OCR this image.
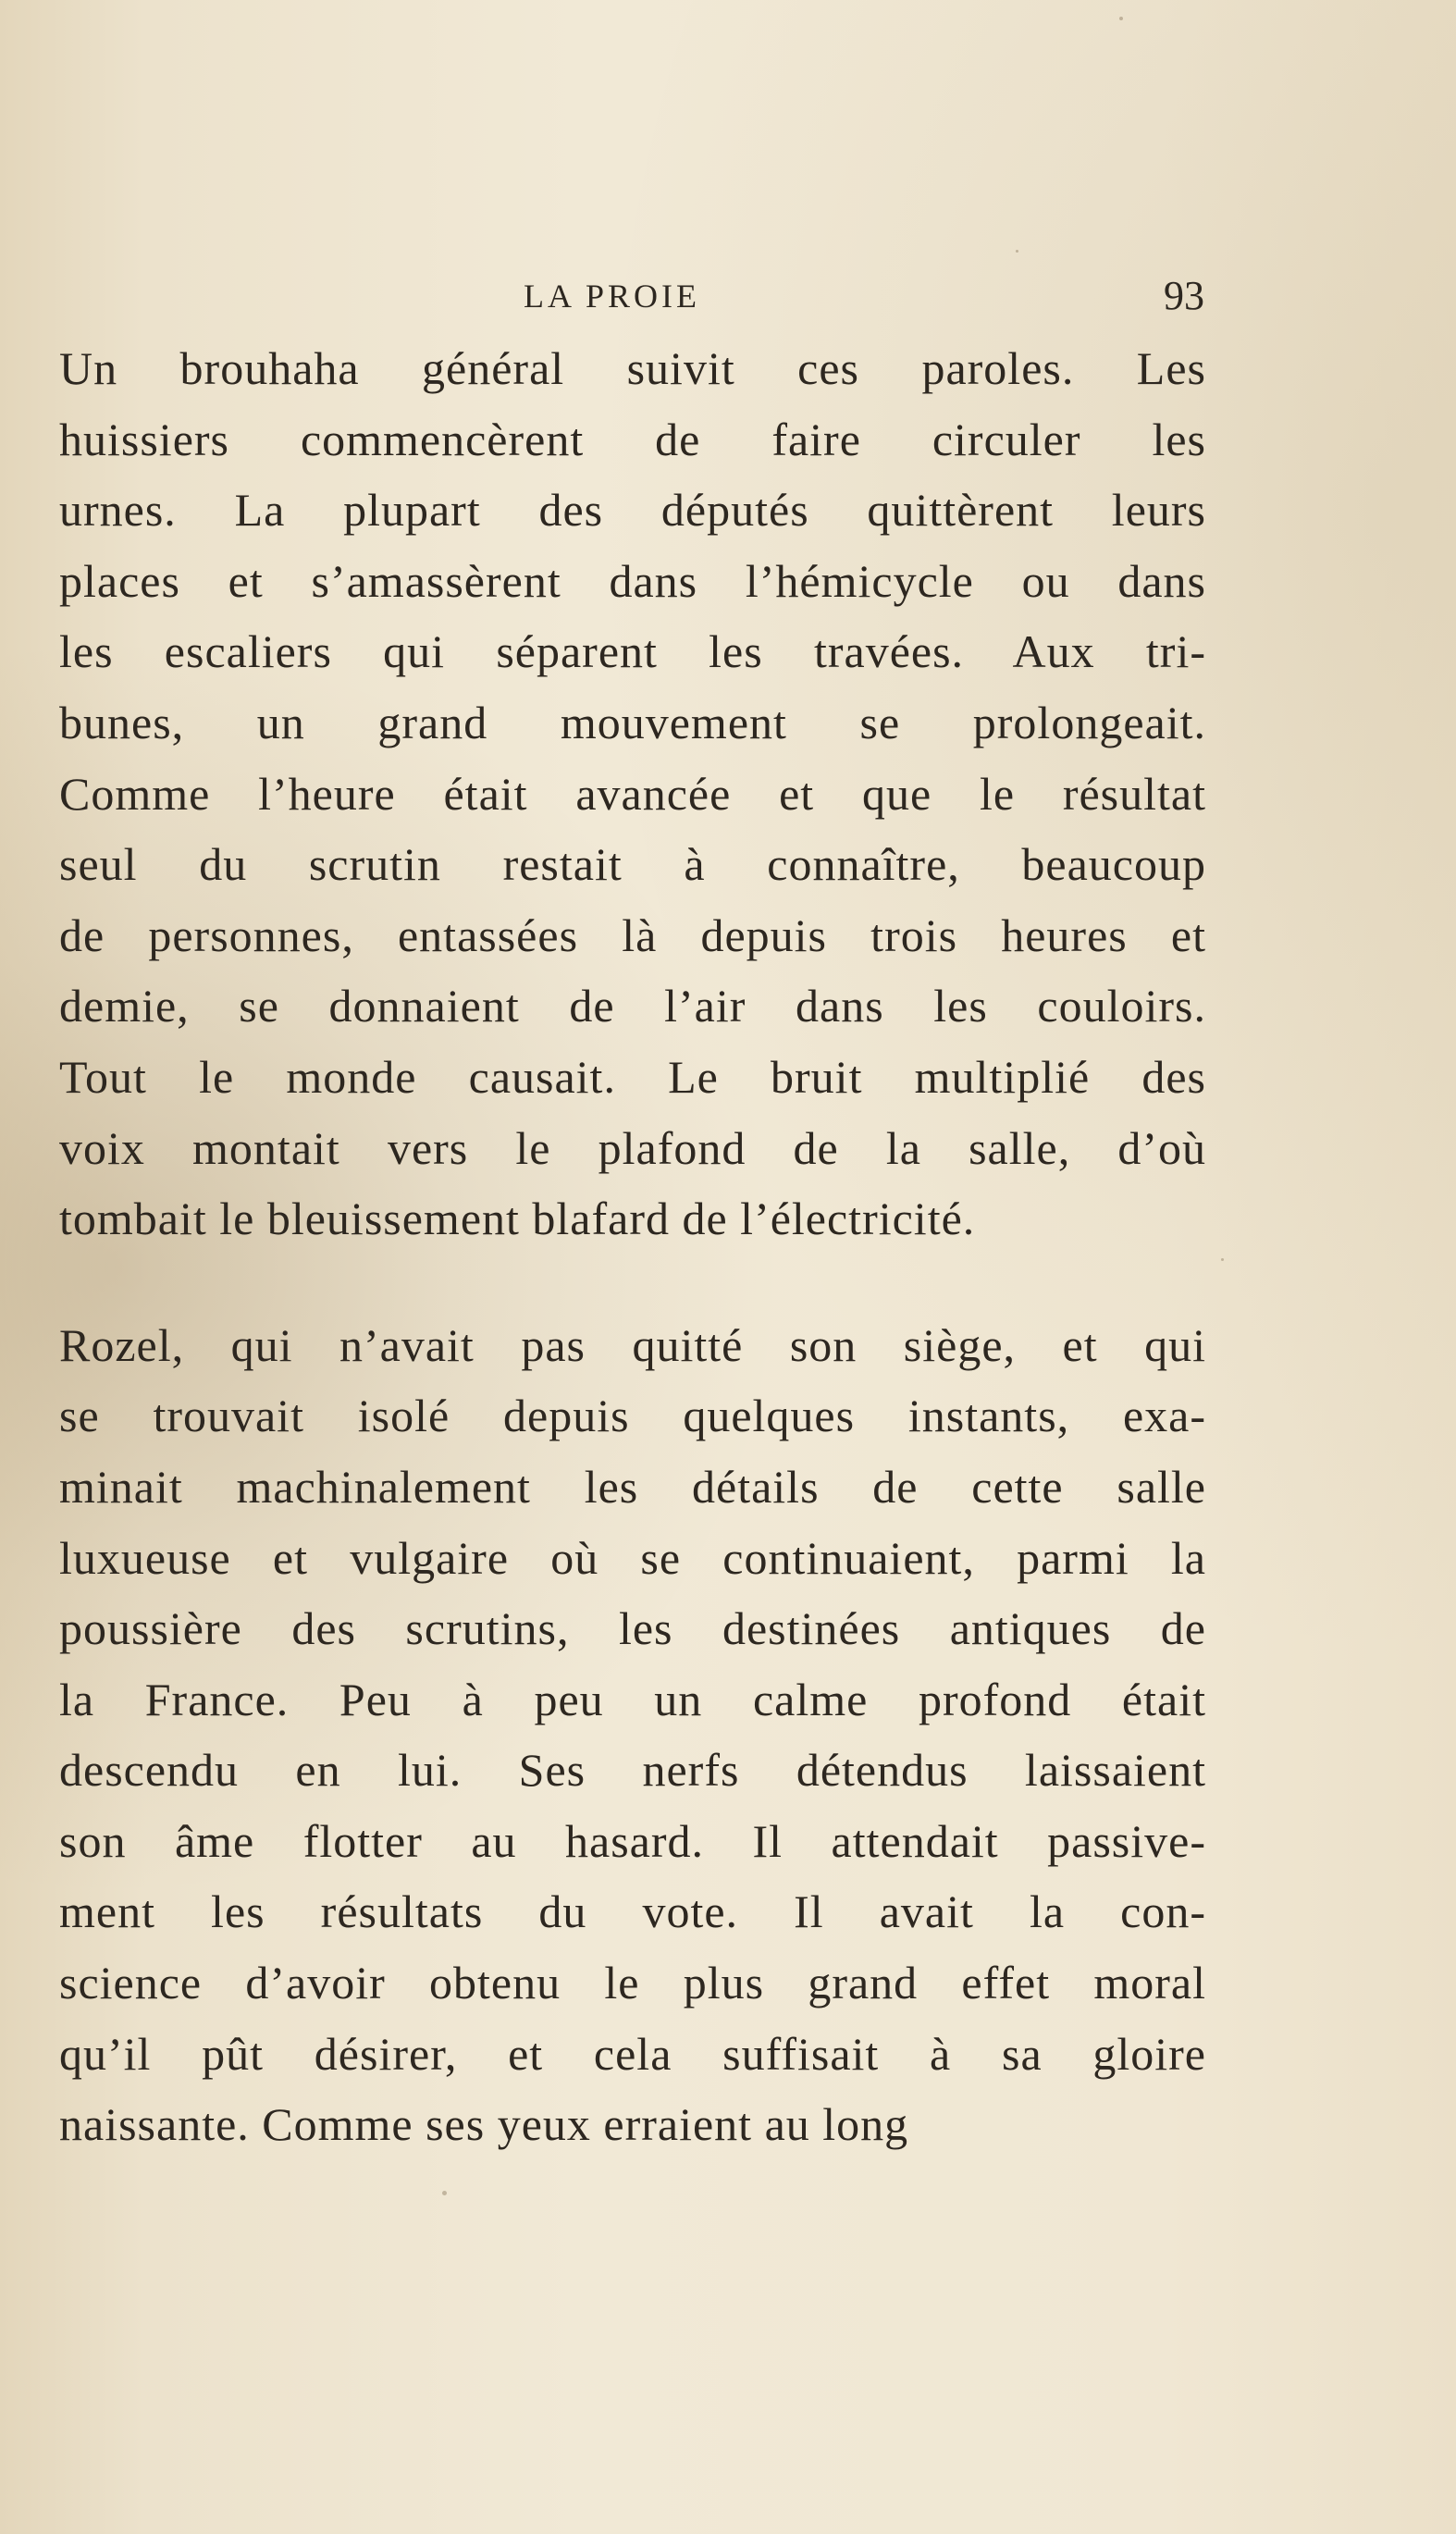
LA PROIE	93
Un brouhaha général suivit ces paroles. Les
huissiers commencèrent de faire circuler les
urnes. La plupart des députés quittèrent leurs
places et s’amassèrent dans l’hémicycle ou dans
les escaliers qui séparent les travées. Aux tri-
bunes, un grand mouvement se prolongeait.
Comme l’heure était avancée et que le résultat
seul du scrutin restait à connaître, beaucoup
de personnes, entassées là depuis trois heures et
demie, se donnaient de l’air dans les couloirs.
Tout le monde causait. Le bruit multiplié des
voix montait vers le plafond de la salle, d’où
tombait le bleuissement blafard de l’électricité.
Rozel, qui n’avait pas quitté son siège, et qui
se trouvait isolé depuis quelques instants, exa-
minait machinalement les détails de cette salle
luxueuse et vulgaire où se continuaient, parmi la
poussière des scrutins, les destinées antiques de
la France. Peu à peu un calme profond était
descendu en lui. Ses nerfs détendus laissaient
son âme flotter au hasard. Il attendait passive-
ment les résultats du vote. Il avait la con-
science d’avoir obtenu le plus grand effet moral
qu’il pût désirer, et cela suffisait à sa gloire
naissante. Comme ses yeux erraient au long
